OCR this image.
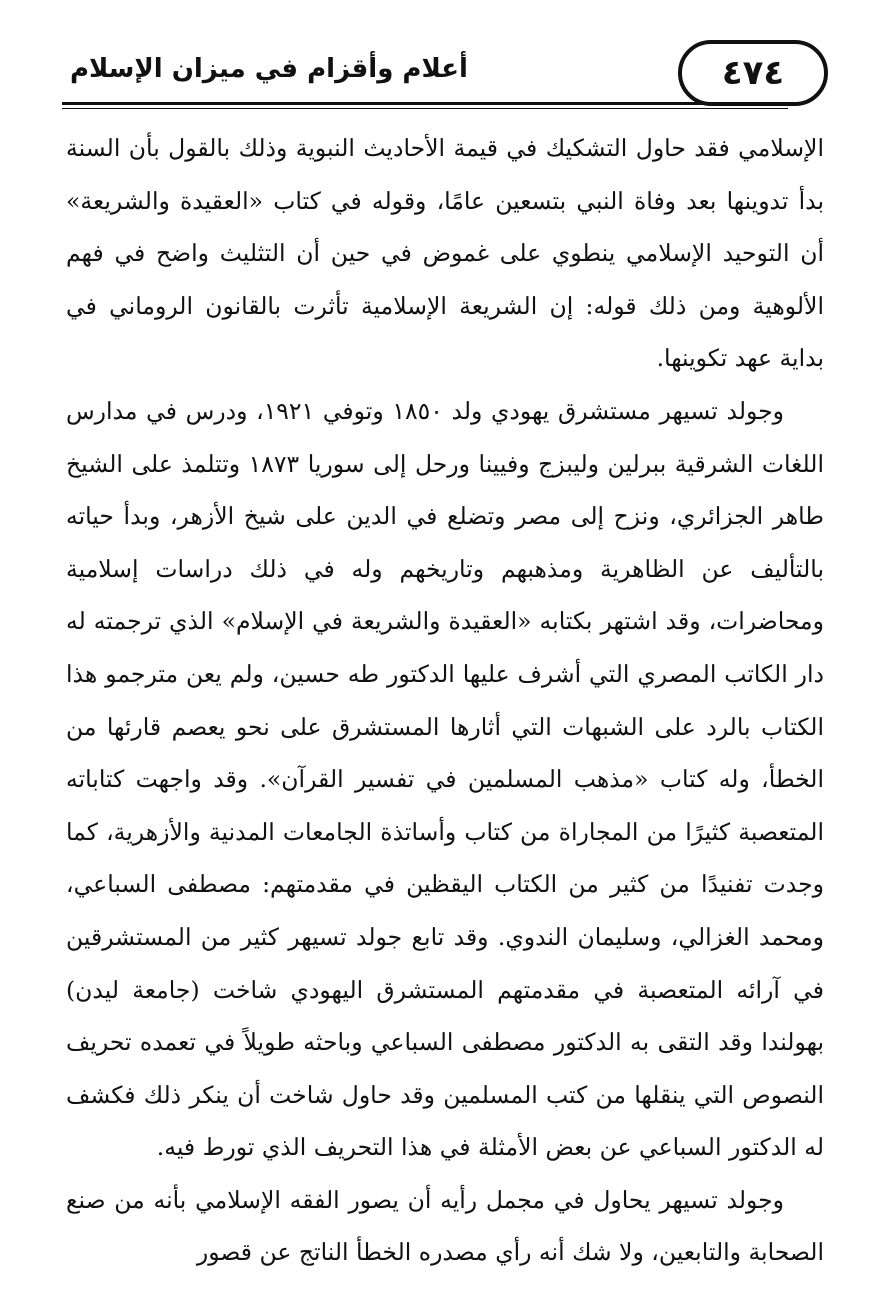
٤٧٤
أعلام وأقزام في ميزان الإسلام

الإسلامي فقد حاول التشكيك في قيمة الأحاديث النبوية وذلك بالقول بأن السنة بدأ تدوينها بعد وفاة النبي بتسعين عامًا، وقوله في كتاب «العقيدة والشريعة» أن التوحيد الإسلامي ينطوي على غموض في حين أن التثليث واضح في فهم الألوهية ومن ذلك قوله: إن الشريعة الإسلامية تأثرت بالقانون الروماني في بداية عهد تكوينها.

وجولد تسيهر مستشرق يهودي ولد ١٨٥٠ وتوفي ١٩٢١، ودرس في مدارس اللغات الشرقية ببرلين وليبزج وفيينا ورحل إلى سوريا ١٨٧٣ وتتلمذ على الشيخ طاهر الجزائري، ونزح إلى مصر وتضلع في الدين على شيخ الأزهر، وبدأ حياته بالتأليف عن الظاهرية ومذهبهم وتاريخهم وله في ذلك دراسات إسلامية ومحاضرات، وقد اشتهر بكتابه «العقيدة والشريعة في الإسلام» الذي ترجمته له دار الكاتب المصري التي أشرف عليها الدكتور طه حسين، ولم يعن مترجمو هذا الكتاب بالرد على الشبهات التي أثارها المستشرق على نحو يعصم قارئها من الخطأ، وله كتاب «مذهب المسلمين في تفسير القرآن». وقد واجهت كتاباته المتعصبة كثيرًا من المجاراة من كتاب وأساتذة الجامعات المدنية والأزهرية، كما وجدت تفنيدًا من كثير من الكتاب اليقظين في مقدمتهم: مصطفى السباعي، ومحمد الغزالي، وسليمان الندوي. وقد تابع جولد تسيهر كثير من المستشرقين في آرائه المتعصبة في مقدمتهم المستشرق اليهودي شاخت (جامعة ليدن) بهولندا وقد التقى به الدكتور مصطفى السباعي وباحثه طويلاً في تعمده تحريف النصوص التي ينقلها من كتب المسلمين وقد حاول شاخت أن ينكر ذلك فكشف له الدكتور السباعي عن بعض الأمثلة في هذا التحريف الذي تورط فيه.

وجولد تسيهر يحاول في مجمل رأيه أن يصور الفقه الإسلامي بأنه من صنع الصحابة والتابعين، ولا شك أنه رأي مصدره الخطأ الناتج عن قصور
